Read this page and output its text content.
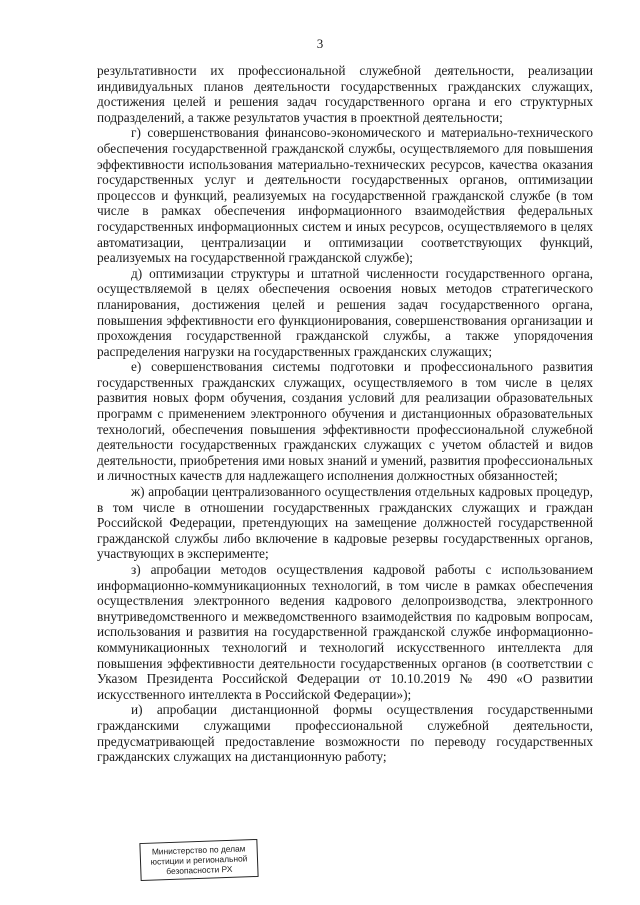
3

результативности их профессиональной служебной деятельности, реализации индивидуальных планов деятельности государственных гражданских служащих, достижения целей и решения задач государственного органа и его структурных подразделений, а также результатов участия в проектной деятельности;

г) совершенствования финансово-экономического и материально-технического обеспечения государственной гражданской службы, осуществляемого для повышения эффективности использования материально-технических ресурсов, качества оказания государственных услуг и деятельности государственных органов, оптимизации процессов и функций, реализуемых на государственной гражданской службе (в том числе в рамках обеспечения информационного взаимодействия федеральных государственных информационных систем и иных ресурсов, осуществляемого в целях автоматизации, централизации и оптимизации соответствующих функций, реализуемых на государственной гражданской службе);

д) оптимизации структуры и штатной численности государственного органа, осуществляемой в целях обеспечения освоения новых методов стратегического планирования, достижения целей и решения задач государственного органа, повышения эффективности его функционирования, совершенствования организации и прохождения государственной гражданской службы, а также упорядочения распределения нагрузки на государственных гражданских служащих;

е) совершенствования системы подготовки и профессионального развития государственных гражданских служащих, осуществляемого в том числе в целях развития новых форм обучения, создания условий для реализации образовательных программ с применением электронного обучения и дистанционных образовательных технологий, обеспечения повышения эффективности профессиональной служебной деятельности государственных гражданских служащих с учетом областей и видов деятельности, приобретения ими новых знаний и умений, развития профессиональных и личностных качеств для надлежащего исполнения должностных обязанностей;

ж) апробации централизованного осуществления отдельных кадровых процедур, в том числе в отношении государственных гражданских служащих и граждан Российской Федерации, претендующих на замещение должностей государственной гражданской службы либо включение в кадровые резервы государственных органов, участвующих в эксперименте;

з) апробации методов осуществления кадровой работы с использованием информационно-коммуникационных технологий, в том числе в рамках обеспечения осуществления электронного ведения кадрового делопроизводства, электронного внутриведомственного и межведомственного взаимодействия по кадровым вопросам, использования и развития на государственной гражданской службе информационно-коммуникационных технологий и технологий искусственного интеллекта для повышения эффективности деятельности государственных органов (в соответствии с Указом Президента Российской Федерации от 10.10.2019 № 490 «О развитии искусственного интеллекта в Российской Федерации»);

и) апробации дистанционной формы осуществления государственными гражданскими служащими профессиональной служебной деятельности, предусматривающей предоставление возможности по переводу государственных гражданских служащих на дистанционную работу;

Министерство по делам
юстиции и региональной
безопасности РХ
